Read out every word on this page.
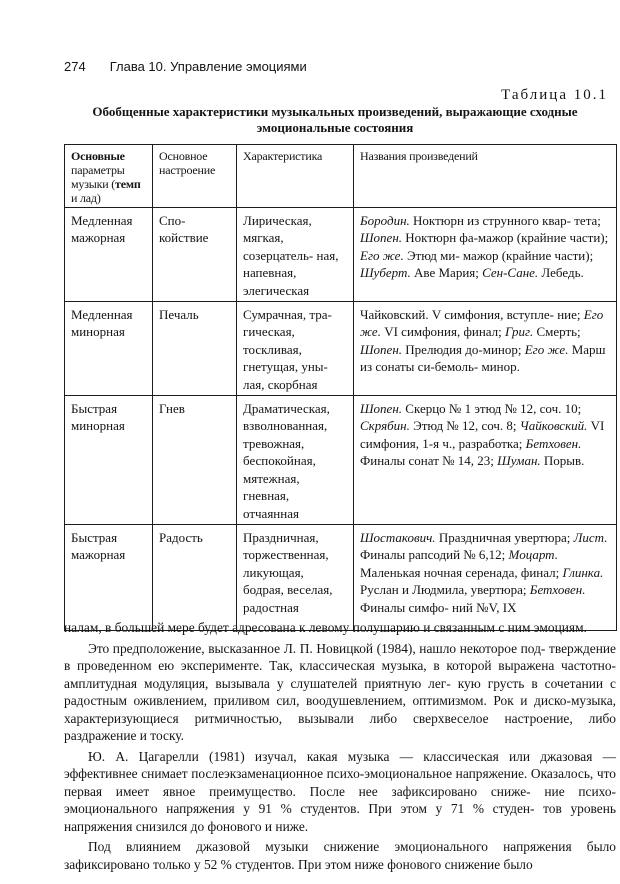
274 Глава 10. Управление эмоциями
Таблица 10.1
Обобщенные характеристики музыкальных произведений, выражающие сходные эмоциональные состояния
Основные параметры музыки (темп и лад)	Основное настроение	Характеристика	Названия произведений
Медленная мажорная	Спо- койствие	Лирическая, мягкая, созерцатель- ная, напевная, элегическая	Бородин. Ноктюрн из струнного квар- тета; Шопен. Ноктюрн фа-мажор (крайние части); Его же. Этюд ми- мажор (крайние части); Шуберт. Аве Мария; Сен-Сане. Лебедь.
Медленная минорная	Печаль	Сумрачная, тра- гическая, тоскливая, гнетущая, уны- лая, скорбная	Чайковский. V симфония, вступле- ние; Его же. VI симфония, финал; Григ. Смерть; Шопен. Прелюдия до-минор; Его же. Марш из сонаты си-бемоль- минор.
Быстрая минорная	Гнев	Драматическая, взволнованная, тревожная, беспокойная, мятежная, гневная, отчаянная	Шопен. Скерцо № 1 этюд № 12, соч. 10; Скрябин. Этюд № 12, соч. 8; Чайковский. VI симфония, 1-я ч., разработка; Бетховен. Финалы сонат № 14, 23; Шуман. Порыв.
Быстрая мажорная	Радость	Праздничная, торжественная, ликующая, бодрая, веселая, радостная	Шостакович. Праздничная увертюра; Лист. Финалы рапсодий № 6,12; Моцарт. Маленькая ночная серенада, финал; Глинка. Руслан и Людмила, увертюра; Бетховен. Финалы симфо- ний №V, IX

налам, в большей мере будет адресована к левому полушарию и связанным с ним эмоциям.

Это предположение, высказанное Л. П. Новицкой (1984), нашло некоторое под- тверждение в проведенном ею эксперименте. Так, классическая музыка, в которой выражена частотно-амплитудная модуляция, вызывала у слушателей приятную лег- кую грусть в сочетании с радостным оживлением, приливом сил, воодушевлением, оптимизмом. Рок и диско-музыка, характеризующиеся ритмичностью, вызывали либо сверхвеселое настроение, либо раздражение и тоску.

Ю. А. Цагарелли (1981) изучал, какая музыка — классическая или джазовая — эффективнее снимает послеэкзаменационное психо-эмоциональное напряжение. Оказалось, что первая имеет явное преимущество. После нее зафиксировано сниже- ние психо-эмоционального напряжения у 91 % студентов. При этом у 71 % студен- тов уровень напряжения снизился до фонового и ниже.

Под влиянием джазовой музыки снижение эмоционального напряжения было зафиксировано только у 52 % студентов. При этом ниже фонового снижение было
